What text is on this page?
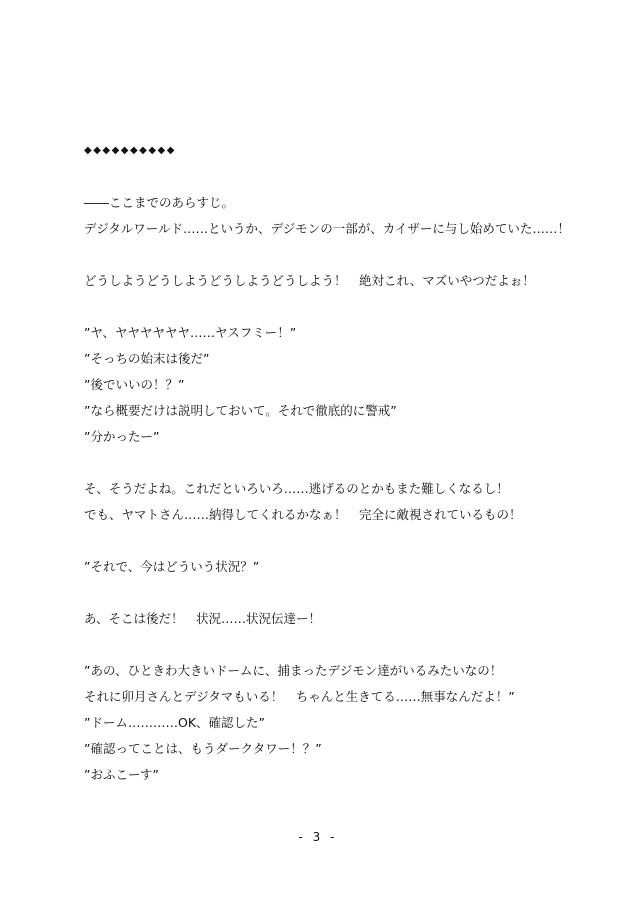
◆◆◆◆◆◆◆◆◆◆
――ここまでのあらすじ。
デジタルワールド……というか、デジモンの一部が、カイザーに与し始めていた……！
どうしようどうしようどうしようどうしよう！　絶対これ、マズいやつだよぉ！
”ヤ、ヤヤヤヤヤヤ……ヤスフミー！”
”そっちの始末は後だ”
”後でいいの！？”
”なら概要だけは説明しておいて。それで徹底的に警戒”
”分かったー”
そ、そうだよね。これだといろいろ……逃げるのとかもまた難しくなるし！
でも、ヤマトさん……納得してくれるかなぁ！　完全に敵視されているもの！
”それで、今はどういう状況？”
あ、そこは後だ！　状況……状況伝達ー！
”あの、ひときわ大きいドームに、捕まったデジモン達がいるみたいなの！
それに卯月さんとデジタマもいる！　ちゃんと生きてる……無事なんだよ！”
”ドーム…………OK、確認した”
”確認ってことは、もうダークタワー！？”
”おふこーす”
- 3 -
